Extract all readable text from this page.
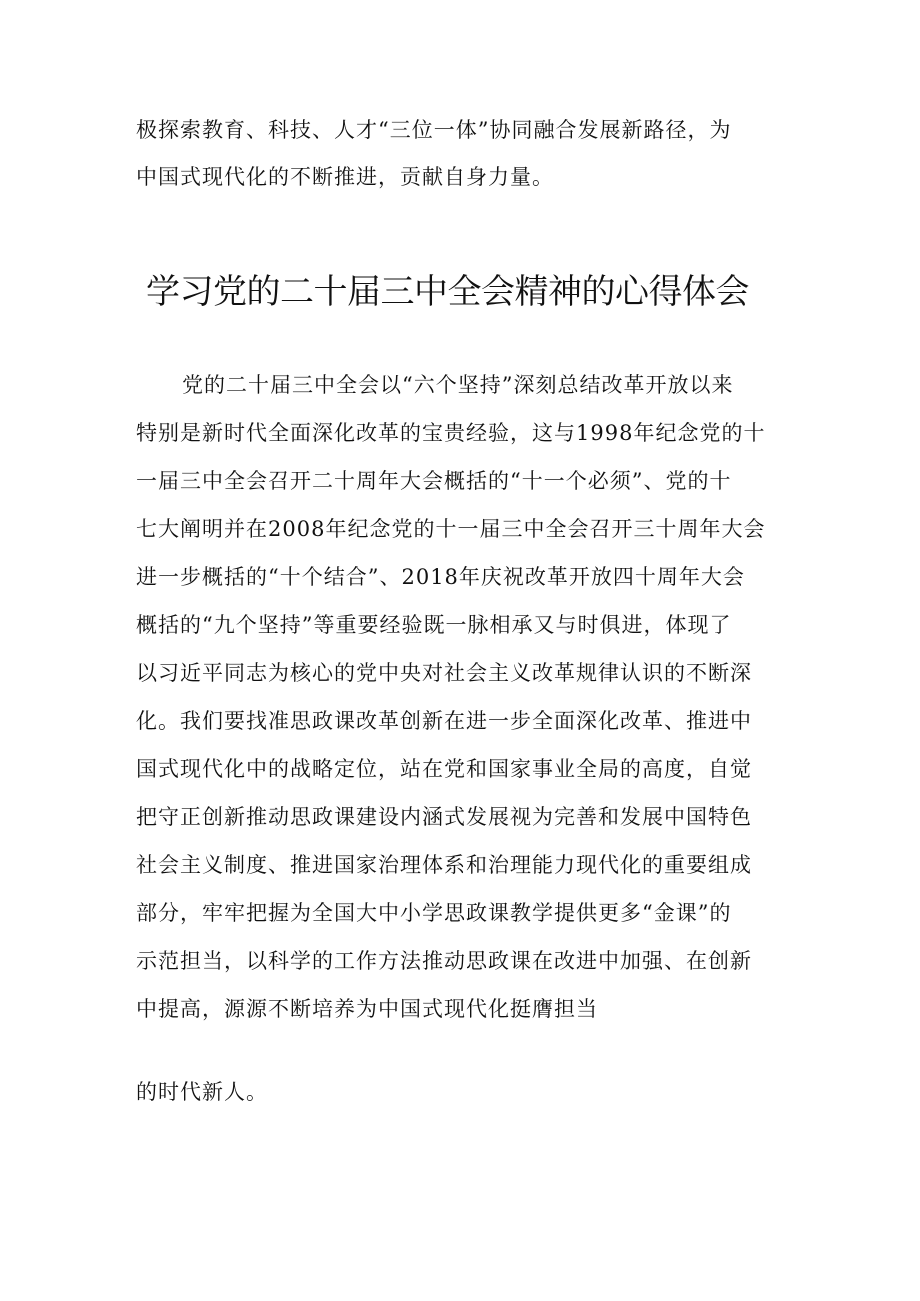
极探索教育、科技、人才“三位一体”协同融合发展新路径，为
中国式现代化的不断推进，贡献自身力量。
学习党的二十届三中全会精神的心得体会
党的二十届三中全会以“六个坚持”深刻总结改革开放以来
特别是新时代全面深化改革的宝贵经验，这与1998年纪念党的十
一届三中全会召开二十周年大会概括的“十一个必须”、党的十
七大阐明并在2008年纪念党的十一届三中全会召开三十周年大会
进一步概括的“十个结合”、2018年庆祝改革开放四十周年大会
概括的“九个坚持”等重要经验既一脉相承又与时俱进，体现了
以习近平同志为核心的党中央对社会主义改革规律认识的不断深
化。我们要找准思政课改革创新在进一步全面深化改革、推进中
国式现代化中的战略定位，站在党和国家事业全局的高度，自觉
把守正创新推动思政课建设内涵式发展视为完善和发展中国特色
社会主义制度、推进国家治理体系和治理能力现代化的重要组成
部分，牢牢把握为全国大中小学思政课教学提供更多“金课”的
示范担当，以科学的工作方法推动思政课在改进中加强、在创新
中提高，源源不断培养为中国式现代化挺膺担当
的时代新人。
